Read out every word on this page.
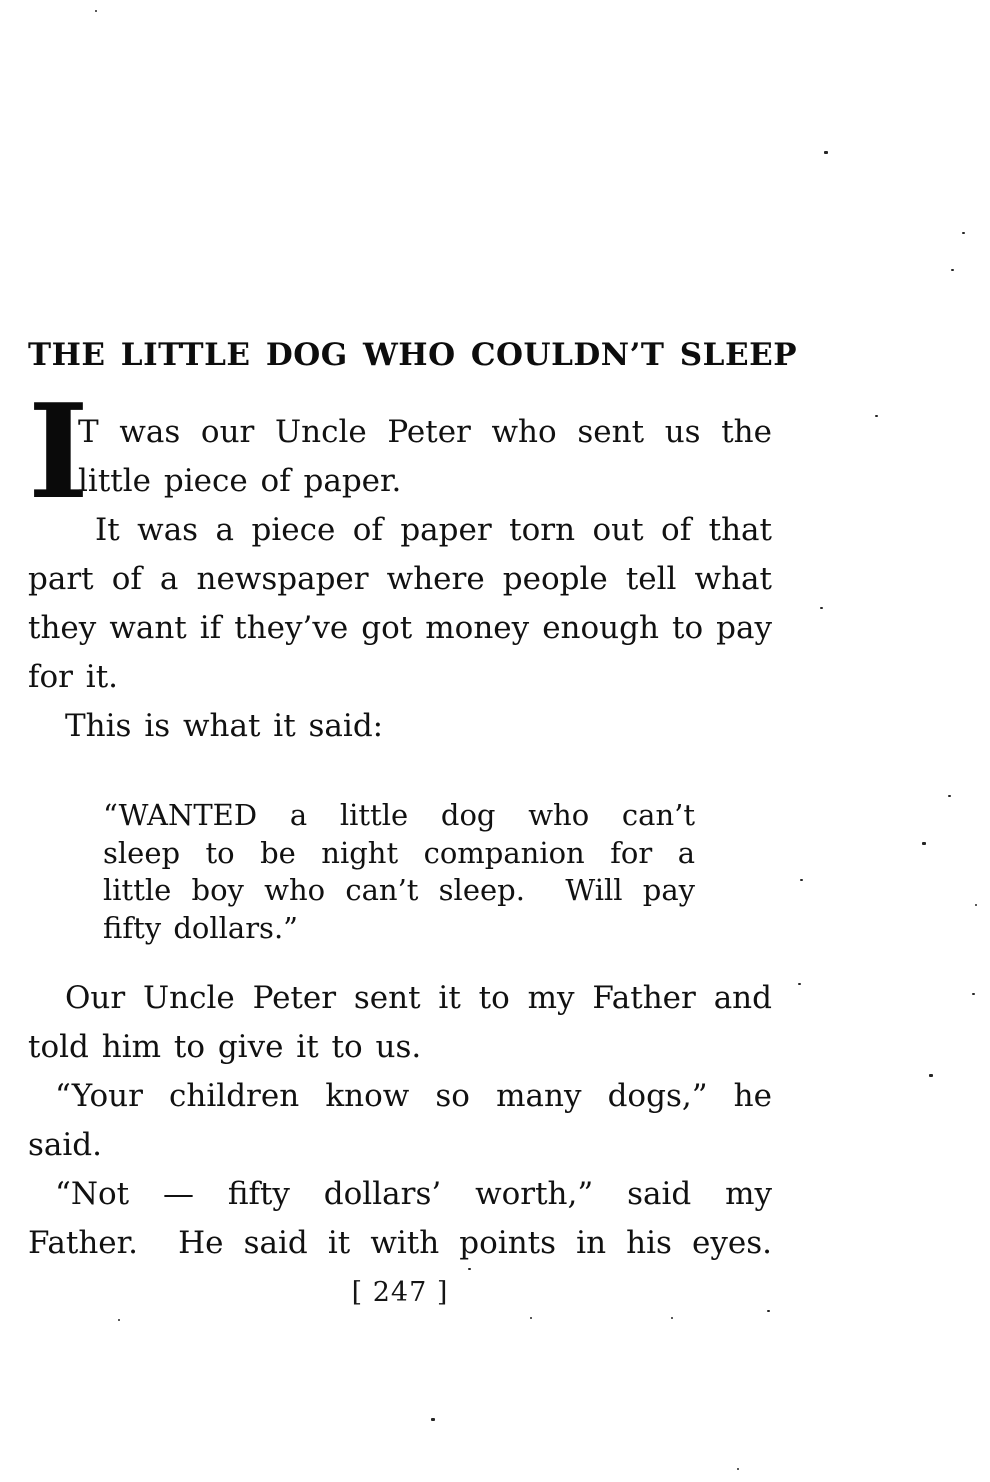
THE LITTLE DOG WHO COULDN’T SLEEP
I
T was our Uncle Peter who sent us the
little piece of paper.
It was a piece of paper torn out of that
part of a newspaper where people tell what
they want if they’ve got money enough to pay
for it.
This is what it said:
“WANTED a little dog who can’t
sleep to be night companion for a
little boy who can’t sleep.  Will pay
fifty dollars.”
Our Uncle Peter sent it to my Father and
told him to give it to us.
“Your children know so many dogs,” he
said.
“Not — fifty dollars’ worth,” said my
Father.  He said it with points in his eyes.
[ 247 ]
